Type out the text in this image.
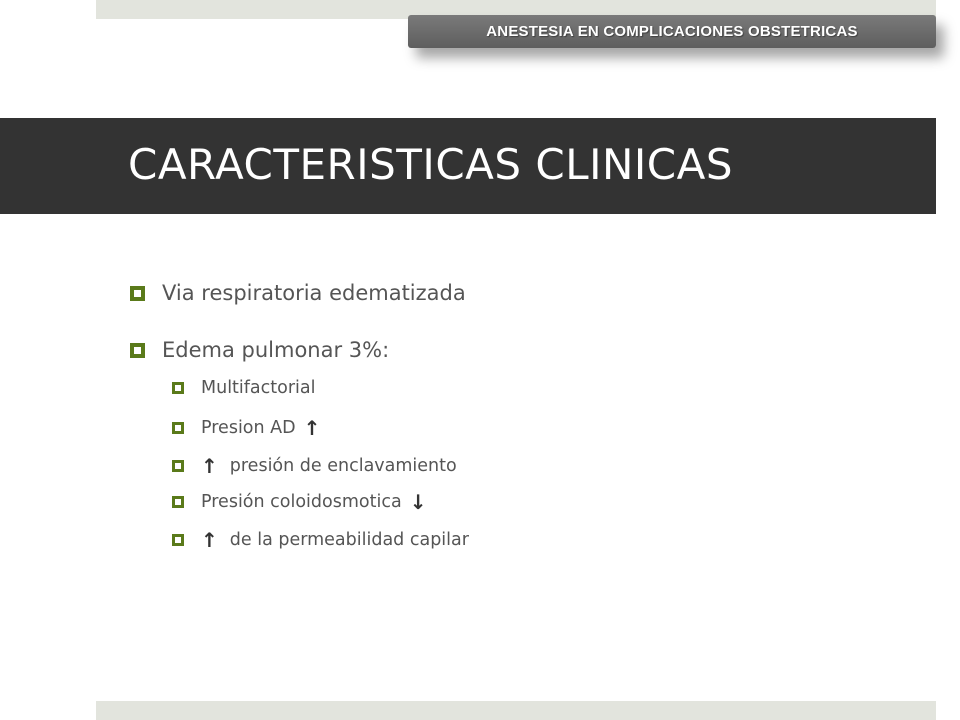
ANESTESIA EN COMPLICACIONES OBSTETRICAS
CARACTERISTICAS CLINICAS
Via respiratoria edematizada
Edema pulmonar 3%:
Multifactorial
Presion AD ↑
↑ presión de enclavamiento
Presión coloidosmotica ↓
↑ de la permeabilidad capilar
